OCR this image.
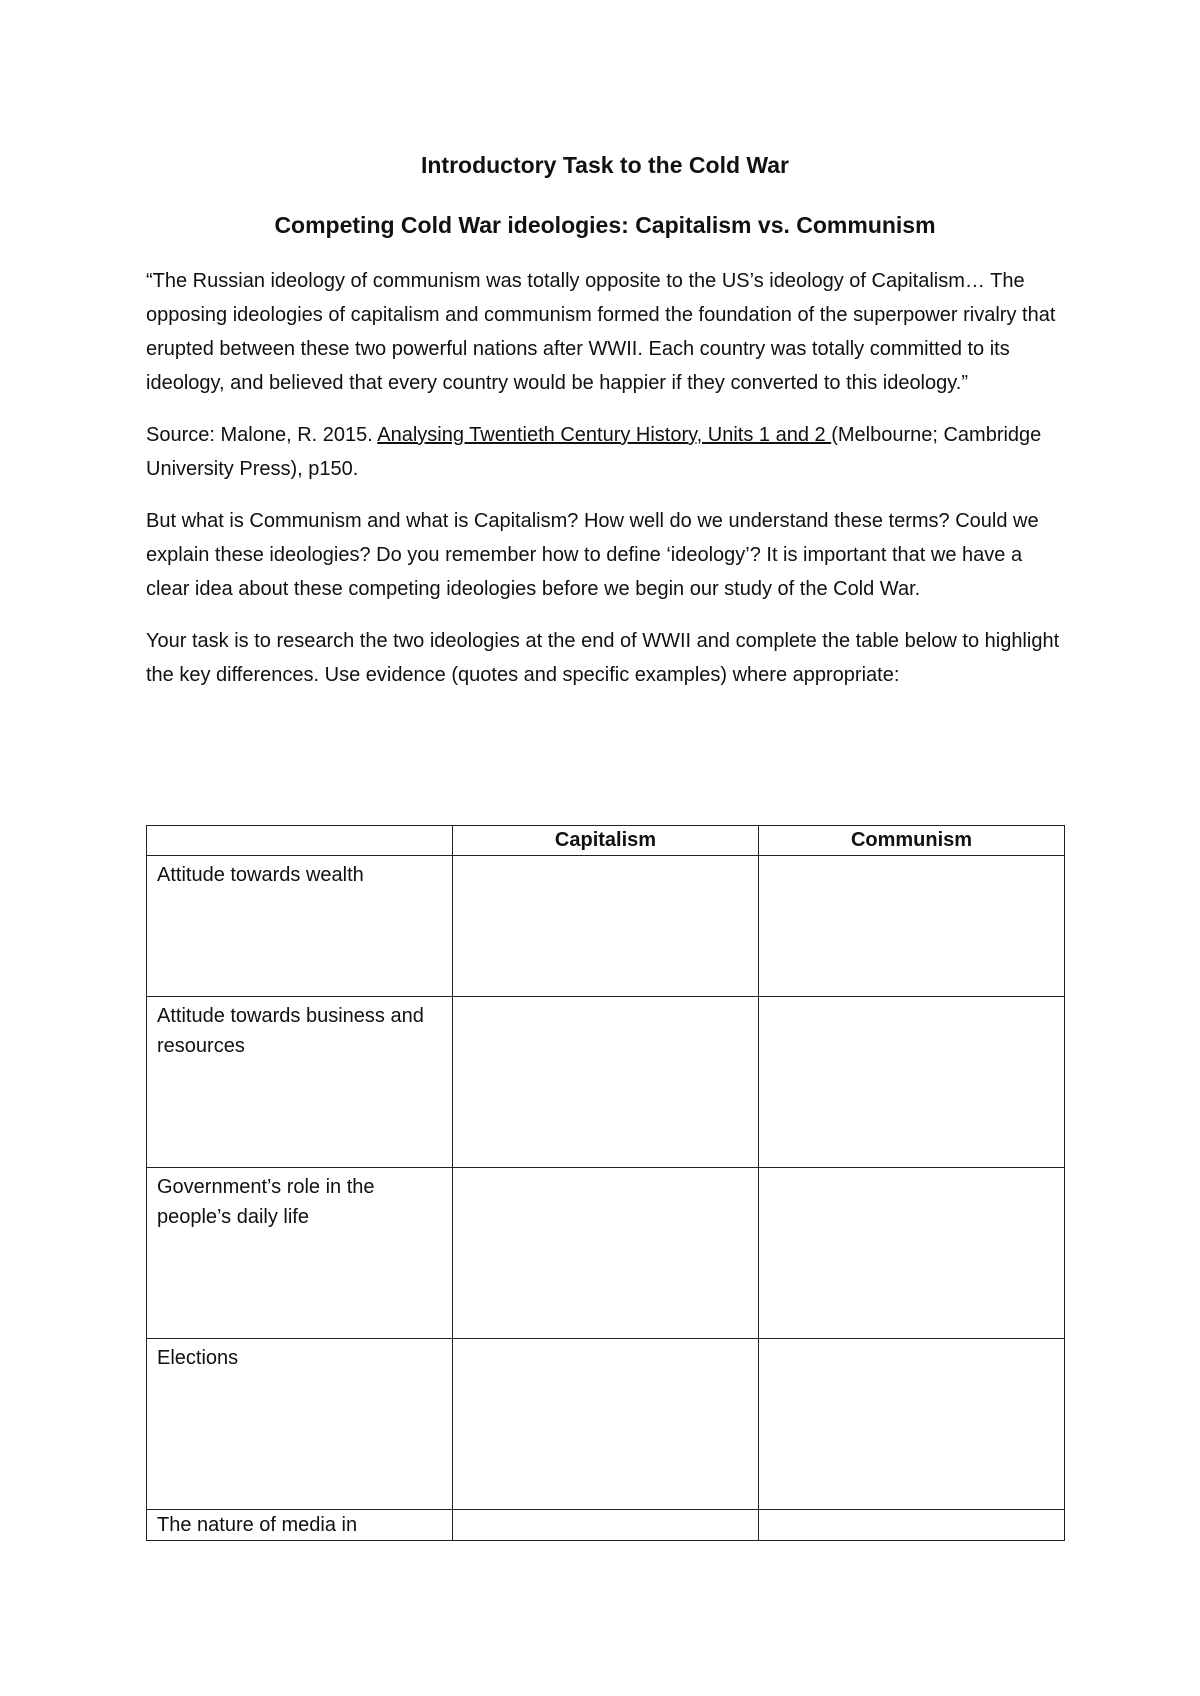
Introductory Task to the Cold War
Competing Cold War ideologies: Capitalism vs. Communism

“The Russian ideology of communism was totally opposite to the US’s ideology of Capitalism… The opposing ideologies of capitalism and communism formed the foundation of the superpower rivalry that erupted between these two powerful nations after WWII. Each country was totally committed to its ideology, and believed that every country would be happier if they converted to this ideology.”

Source: Malone, R. 2015. Analysing Twentieth Century History, Units 1 and 2 (Melbourne; Cambridge University Press), p150.

But what is Communism and what is Capitalism? How well do we understand these terms? Could we explain these ideologies? Do you remember how to define ‘ideology’? It is important that we have a clear idea about these competing ideologies before we begin our study of the Cold War.

Your task is to research the two ideologies at the end of WWII and complete the table below to highlight the key differences. Use evidence (quotes and specific examples) where appropriate:

	Capitalism	Communism
Attitude towards wealth		
Attitude towards business and resources		
Government’s role in the people’s daily life		
Elections		
The nature of media in		
